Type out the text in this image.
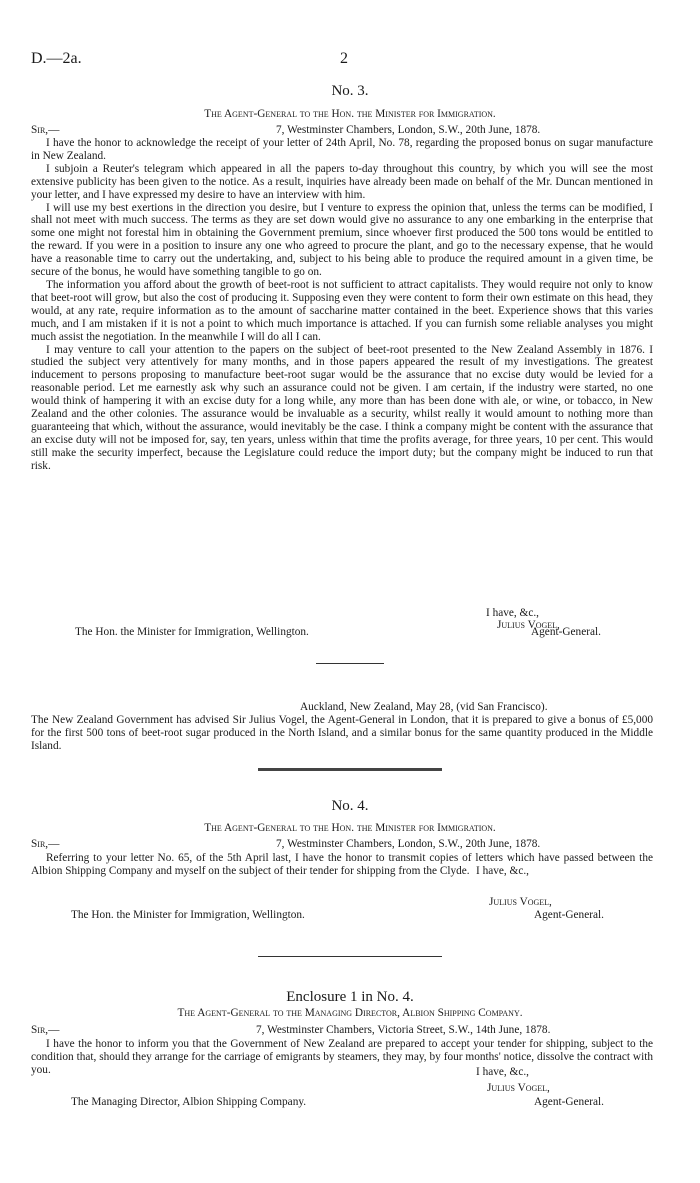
D.—2a.	2
No. 3.
The Agent-General to the Hon. the Minister for Immigration.
Sir,—	7, Westminster Chambers, London, S.W., 20th June, 1878.

I have the honor to acknowledge the receipt of your letter of 24th April, No. 78, regarding the proposed bonus on sugar manufacture in New Zealand.

I subjoin a Reuter's telegram which appeared in all the papers to-day throughout this country, by which you will see the most extensive publicity has been given to the notice. As a result, inquiries have already been made on behalf of the Mr. Duncan mentioned in your letter, and I have expressed my desire to have an interview with him.

I will use my best exertions in the direction you desire, but I venture to express the opinion that, unless the terms can be modified, I shall not meet with much success. The terms as they are set down would give no assurance to any one embarking in the enterprise that some one might not forestal him in obtaining the Government premium, since whoever first produced the 500 tons would be entitled to the reward. If you were in a position to insure any one who agreed to procure the plant, and go to the necessary expense, that he would have a reasonable time to carry out the undertaking, and, subject to his being able to produce the required amount in a given time, be secure of the bonus, he would have something tangible to go on.

The information you afford about the growth of beet-root is not sufficient to attract capitalists. They would require not only to know that beet-root will grow, but also the cost of producing it. Supposing even they were content to form their own estimate on this head, they would, at any rate, require information as to the amount of saccharine matter contained in the beet. Experience shows that this varies much, and I am mistaken if it is not a point to which much importance is attached. If you can furnish some reliable analyses you might much assist the negotiation. In the meanwhile I will do all I can.

I may venture to call your attention to the papers on the subject of beet-root presented to the New Zealand Assembly in 1876. I studied the subject very attentively for many months, and in those papers appeared the result of my investigations. The greatest inducement to persons proposing to manufacture beet-root sugar would be the assurance that no excise duty would be levied for a reasonable period. Let me earnestly ask why such an assurance could not be given. I am certain, if the industry were started, no one would think of hampering it with an excise duty for a long while, any more than has been done with ale, or wine, or tobacco, in New Zealand and the other colonies. The assurance would be invaluable as a security, whilst really it would amount to nothing more than guaranteeing that which, without the assurance, would inevitably be the case. I think a company might be content with the assurance that an excise duty will not be imposed for, say, ten years, unless within that time the profits average, for three years, 10 per cent. This would still make the security imperfect, because the Legislature could reduce the import duty; but the company might be induced to run that risk.

I have, &c.,
Julius Vogel,
The Hon. the Minister for Immigration, Wellington.	Agent-General.
Auckland, New Zealand, May 28, (vid San Francisco).

The New Zealand Government has advised Sir Julius Vogel, the Agent-General in London, that it is prepared to give a bonus of £5,000 for the first 500 tons of beet-root sugar produced in the North Island, and a similar bonus for the same quantity produced in the Middle Island.

No. 4.
The Agent-General to the Hon. the Minister for Immigration.
Sir,—	7, Westminster Chambers, London, S.W., 20th June, 1878.

Referring to your letter No. 65, of the 5th April last, I have the honor to transmit copies of letters which have passed between the Albion Shipping Company and myself on the subject of their tender for shipping from the Clyde. I have, &c.,
Julius Vogel,
The Hon. the Minister for Immigration, Wellington.	Agent-General.
Enclosure 1 in No. 4.
The Agent-General to the Managing Director, Albion Shipping Company.
Sir,—	7, Westminster Chambers, Victoria Street, S.W., 14th June, 1878.

I have the honor to inform you that the Government of New Zealand are prepared to accept your tender for shipping, subject to the condition that, should they arrange for the carriage of emigrants by steamers, they may, by four months' notice, dissolve the contract with you.	I have, &c.,
Julius Vogel,
The Managing Director, Albion Shipping Company.	Agent-General.
